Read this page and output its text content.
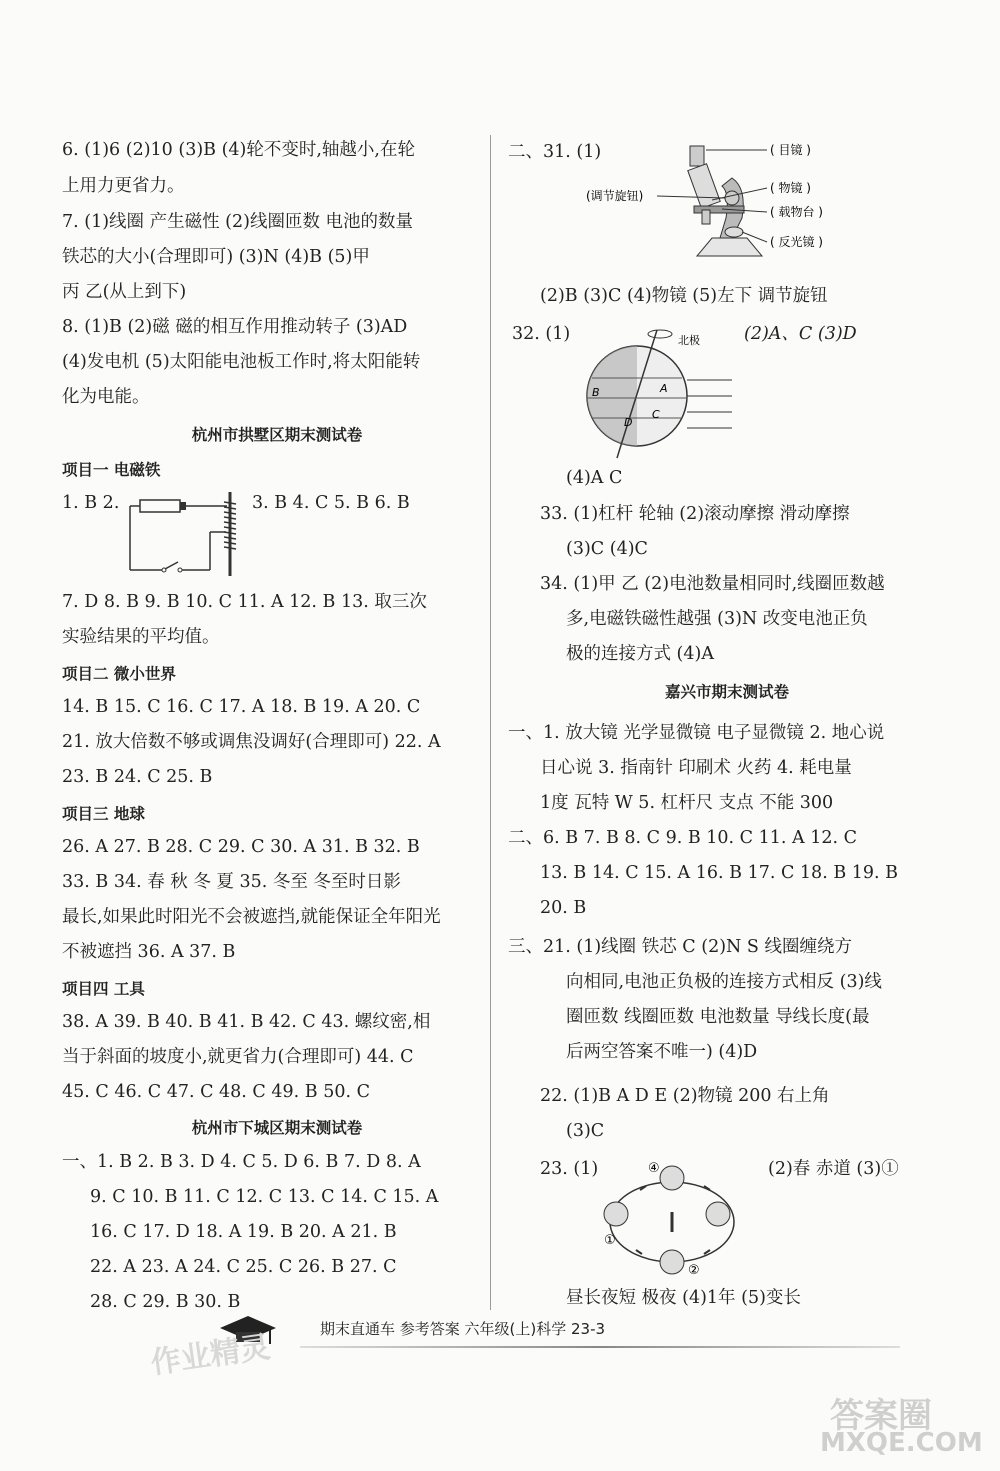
6. (1)6 (2)10 (3)B (4)轮不变时,轴越小,在轮
上用力更省力。
7. (1)线圈 产生磁性 (2)线圈匝数 电池的数量
铁芯的大小(合理即可) (3)N (4)B (5)甲
丙 乙(从上到下)
8. (1)B (2)磁 磁的相互作用推动转子 (3)AD
(4)发电机 (5)太阳能电池板工作时,将太阳能转
化为电能。
杭州市拱墅区期末测试卷
项目一 电磁铁
1. B 2.	3. B 4. C 5. B 6. B
7. D 8. B 9. B 10. C 11. A 12. B 13. 取三次
实验结果的平均值。
项目二 微小世界
14. B 15. C 16. C 17. A 18. B 19. A 20. C
21. 放大倍数不够或调焦没调好(合理即可) 22. A
23. B 24. C 25. B
项目三 地球
26. A 27. B 28. C 29. C 30. A 31. B 32. B
33. B 34. 春 秋 冬 夏 35. 冬至 冬至时日影
最长,如果此时阳光不会被遮挡,就能保证全年阳光
不被遮挡 36. A 37. B
项目四 工具
38. A 39. B 40. B 41. B 42. C 43. 螺纹密,相
当于斜面的坡度小,就更省力(合理即可) 44. C
45. C 46. C 47. C 48. C 49. B 50. C
杭州市下城区期末测试卷
一、1. B 2. B 3. D 4. C 5. D 6. B 7. D 8. A
9. C 10. B 11. C 12. C 13. C 14. C 15. A
16. C 17. D 18. A 19. B 20. A 21. B
22. A 23. A 24. C 25. C 26. B 27. C
28. C 29. B 30. B
二、31. (1)	( 目镜 )
( 物镜 )
( 载物台 )
( 反光镜 )
(调节旋钮)
(2)B (3)C (4)物镜 (5)左下 调节旋钮
32. (1)	北极
B	A
C
D
(2)A、C (3)D
(4)A C
33. (1)杠杆 轮轴 (2)滚动摩擦 滑动摩擦
(3)C (4)C
34. (1)甲 乙 (2)电池数量相同时,线圈匝数越
多,电磁铁磁性越强 (3)N 改变电池正负
极的连接方式 (4)A
嘉兴市期末测试卷
一、1. 放大镜 光学显微镜 电子显微镜 2. 地心说
日心说 3. 指南针 印刷术 火药 4. 耗电量
1度 瓦特 W 5. 杠杆尺 支点 不能 300
二、6. B 7. B 8. C 9. B 10. C 11. A 12. C
13. B 14. C 15. A 16. B 17. C 18. B 19. B
20. B
三、21. (1)线圈 铁芯 C (2)N S 线圈缠绕方
向相同,电池正负极的连接方式相反 (3)线
圈匝数 线圈匝数 电池数量 导线长度(最
后两空答案不唯一) (4)D
22. (1)B A D E (2)物镜 200 右上角
(3)C
23. (1)	④
①
②
(2)春 赤道 (3)①
昼长夜短 极夜 (4)1年 (5)变长
期末直通车 参考答案 六年级(上)科学 23-3
作业精灵
答案圈
MXQE.COM
